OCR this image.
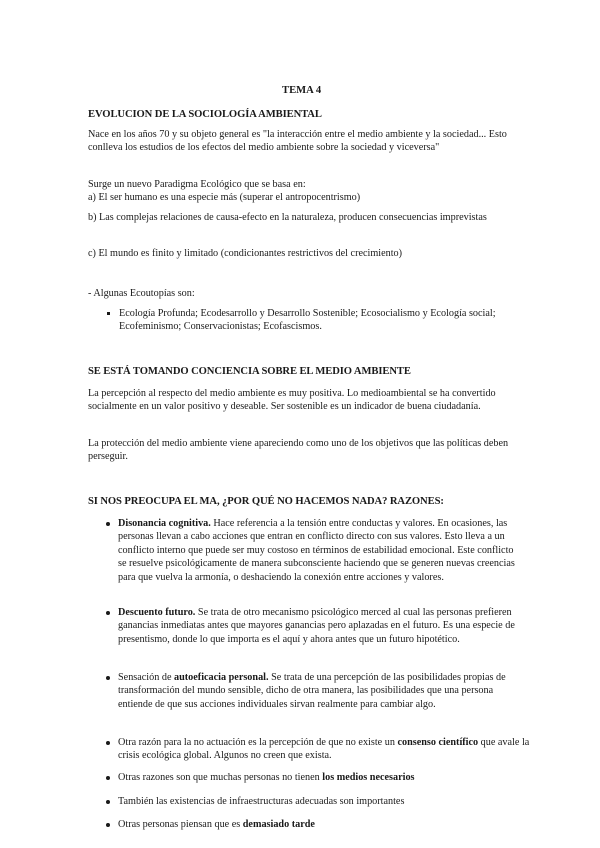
TEMA 4
EVOLUCION DE LA SOCIOLOGÍA AMBIENTAL

Nace en los años 70 y su objeto general es "la interacción entre el medio ambiente y la sociedad... Esto conlleva los estudios de los efectos del medio ambiente sobre la sociedad y viceversa"

Surge un nuevo Paradigma Ecológico que se basa en:

a) El ser humano es una especie más (superar el antropocentrismo)

b) Las complejas relaciones de causa-efecto en la naturaleza, producen consecuencias imprevistas

c) El mundo es finito y limitado (condicionantes restrictivos del crecimiento)

- Algunas Ecoutopías son:

Ecología Profunda; Ecodesarrollo y Desarrollo Sostenible; Ecosocialismo y Ecología social; Ecofeminismo; Conservacionistas; Ecofascismos.
SE ESTÁ TOMANDO CONCIENCIA SOBRE EL MEDIO AMBIENTE

La percepción al respecto del medio ambiente es muy positiva. Lo medioambiental se ha convertido socialmente en un valor positivo y deseable. Ser sostenible es un indicador de buena ciudadanía.

La protección del medio ambiente viene apareciendo como uno de los objetivos que las políticas deben perseguir.

SI NOS PREOCUPA EL MA, ¿POR QUÉ NO HACEMOS NADA? RAZONES:
Disonancia cognitiva. Hace referencia a la tensión entre conductas y valores. En ocasiones, las personas llevan a cabo acciones que entran en conflicto directo con sus valores. Esto lleva a un conflicto interno que puede ser muy costoso en términos de estabilidad emocional. Este conflicto se resuelve psicológicamente de manera subconsciente haciendo que se generen nuevas creencias para que vuelva la armonía, o deshaciendo la conexión entre acciones y valores.
Descuento futuro. Se trata de otro mecanismo psicológico merced al cual las personas prefieren ganancias inmediatas antes que mayores ganancias pero aplazadas en el futuro. Es una especie de presentismo, donde lo que importa es el aquí y ahora antes que un futuro hipotético.
Sensación de autoeficacia personal. Se trata de una percepción de las posibilidades propias de transformación del mundo sensible, dicho de otra manera, las posibilidades que una persona entiende de que sus acciones individuales sirvan realmente para cambiar algo.
Otra razón para la no actuación es la percepción de que no existe un consenso científico que avale la crisis ecológica global. Algunos no creen que exista.
Otras razones son que muchas personas no tienen los medios necesarios
También las existencias de infraestructuras adecuadas son importantes
Otras personas piensan que es demasiado tarde
